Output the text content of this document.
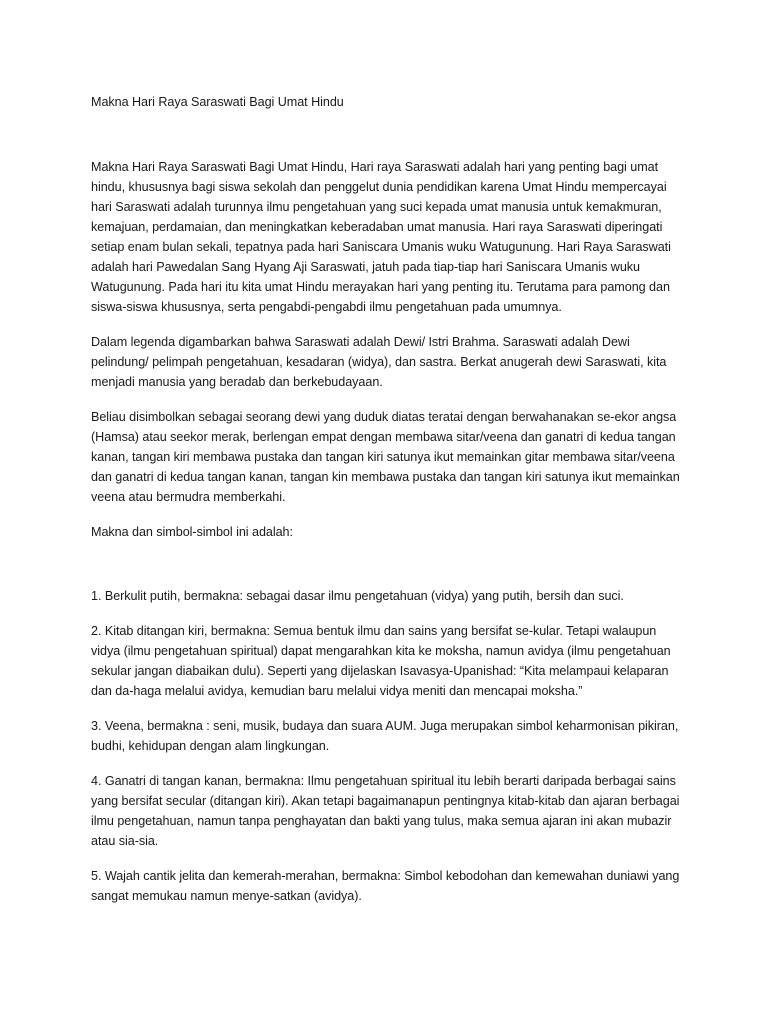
Makna Hari Raya Saraswati Bagi Umat Hindu

Makna Hari Raya Saraswati Bagi Umat Hindu, Hari raya Saraswati adalah hari yang penting bagi umat hindu, khususnya bagi siswa sekolah dan penggelut dunia pendidikan karena Umat Hindu mempercayai hari Saraswati adalah turunnya ilmu pengetahuan yang suci kepada umat manusia untuk kemakmuran, kemajuan, perdamaian, dan meningkatkan keberadaban umat manusia. Hari raya Saraswati diperingati setiap enam bulan sekali, tepatnya pada hari Saniscara Umanis wuku Watugunung. Hari Raya Saraswati adalah hari Pawedalan Sang Hyang Aji Saraswati, jatuh pada tiap-tiap hari Saniscara Umanis wuku Watugunung. Pada hari itu kita umat Hindu merayakan hari yang penting itu. Terutama para pamong dan siswa-siswa khususnya, serta pengabdi-pengabdi ilmu pengetahuan pada umumnya.

Dalam legenda digambarkan bahwa Saraswati adalah Dewi/ Istri Brahma. Saraswati adalah Dewi pelindung/ pelimpah pengetahuan, kesadaran (widya), dan sastra. Berkat anugerah dewi Saraswati, kita menjadi manusia yang beradab dan berkebudayaan.

Beliau disimbolkan sebagai seorang dewi yang duduk diatas teratai dengan berwahanakan se-ekor angsa (Hamsa) atau seekor merak, berlengan empat dengan membawa sitar/veena dan ganatri di kedua tangan kanan, tangan kiri membawa pustaka dan tangan kiri satunya ikut memainkan gitar membawa sitar/veena dan ganatri di kedua tangan kanan, tangan kin membawa pustaka dan tangan kiri satunya ikut memainkan veena atau bermudra memberkahi.

Makna dan simbol-simbol ini adalah:

1. Berkulit putih, bermakna: sebagai dasar ilmu pengetahuan (vidya) yang putih, bersih dan suci.

2. Kitab ditangan kiri, bermakna: Semua bentuk ilmu dan sains yang bersifat se-kular. Tetapi walaupun vidya (ilmu pengetahuan spiritual) dapat mengarahkan kita ke moksha, namun avidya (ilmu pengetahuan sekular jangan diabaikan dulu). Seperti yang dijelaskan Isavasya-Upanishad: “Kita melampaui kelaparan dan da-haga melalui avidya, kemudian baru melalui vidya meniti dan mencapai moksha.”

3. Veena, bermakna : seni, musik, budaya dan suara AUM. Juga merupakan simbol keharmonisan pikiran, budhi, kehidupan dengan alam lingkungan.

4. Ganatri di tangan kanan, bermakna: Ilmu pengetahuan spiritual itu lebih berarti daripada berbagai sains yang bersifat secular (ditangan kiri). Akan tetapi bagaimanapun pentingnya kitab-kitab dan ajaran berbagai ilmu pengetahuan, namun tanpa penghayatan dan bakti yang tulus, maka semua ajaran ini akan mubazir atau sia-sia.

5. Wajah cantik jelita dan kemerah-merahan, bermakna: Simbol kebodohan dan kemewahan duniawi yang sangat memukau namun menye-satkan (avidya).
